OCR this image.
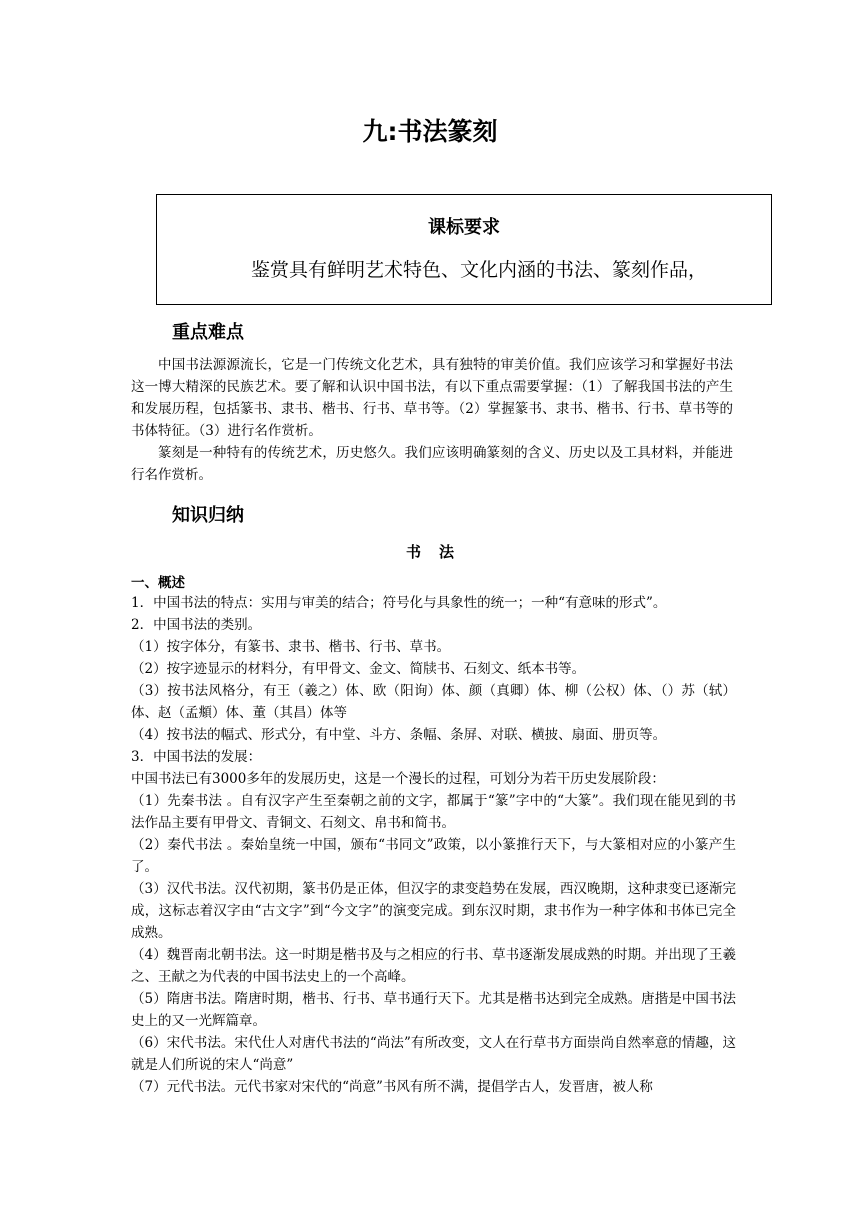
九:书法篆刻
课标要求
鉴赏具有鲜明艺术特色、文化内涵的书法、篆刻作品，
重点难点

中国书法源源流长，它是一门传统文化艺术，具有独特的审美价值。我们应该学习和掌握好书法这一博大精深的民族艺术。要了解和认识中国书法，有以下重点需要掌握：（1）了解我国书法的产生和发展历程，包括篆书、隶书、楷书、行书、草书等。（2）掌握篆书、隶书、楷书、行书、草书等的书体特征。（3）进行名作赏析。

篆刻是一种特有的传统艺术，历史悠久。我们应该明确篆刻的含义、历史以及工具材料，并能进行名作赏析。

知识归纳
书法
一、概述

1．中国书法的特点：实用与审美的结合；符号化与具象性的统一；一种“有意味的形式”。

2．中国书法的类别。

（1）按字体分，有篆书、隶书、楷书、行书、草书。

（2）按字迹显示的材料分，有甲骨文、金文、简牍书、石刻文、纸本书等。

（3）按书法风格分，有王（羲之）体、欧（阳询）体、颜（真卿）体、柳（公权）体、（）苏（轼）体、赵（孟頫）体、董（其昌）体等

（4）按书法的幅式、形式分，有中堂、斗方、条幅、条屏、对联、横披、扇面、册页等。

3．中国书法的发展：

中国书法已有3000多年的发展历史，这是一个漫长的过程，可划分为若干历史发展阶段：

（1）先秦书法 。自有汉字产生至秦朝之前的文字，都属于“篆”字中的“大篆”。我们现在能见到的书法作品主要有甲骨文、青铜文、石刻文、帛书和简书。

（2）秦代书法 。秦始皇统一中国，颁布“书同文”政策，以小篆推行天下，与大篆相对应的小篆产生了。

（3）汉代书法。汉代初期，篆书仍是正体，但汉字的隶变趋势在发展，西汉晚期，这种隶变已逐渐完成，这标志着汉字由“古文字”到“今文字”的演变完成。到东汉时期，隶书作为一种字体和书体已完全成熟。

（4）魏晋南北朝书法。这一时期是楷书及与之相应的行书、草书逐渐发展成熟的时期。并出现了王羲之、王献之为代表的中国书法史上的一个高峰。

（5）隋唐书法。隋唐时期，楷书、行书、草书通行天下。尤其是楷书达到完全成熟。唐揩是中国书法史上的又一光辉篇章。

（6）宋代书法。宋代仕人对唐代书法的“尚法”有所改变，文人在行草书方面崇尚自然率意的情趣，这就是人们所说的宋人“尚意”

（7）元代书法。元代书家对宋代的“尚意”书风有所不满，提倡学古人，发晋唐，被人称
